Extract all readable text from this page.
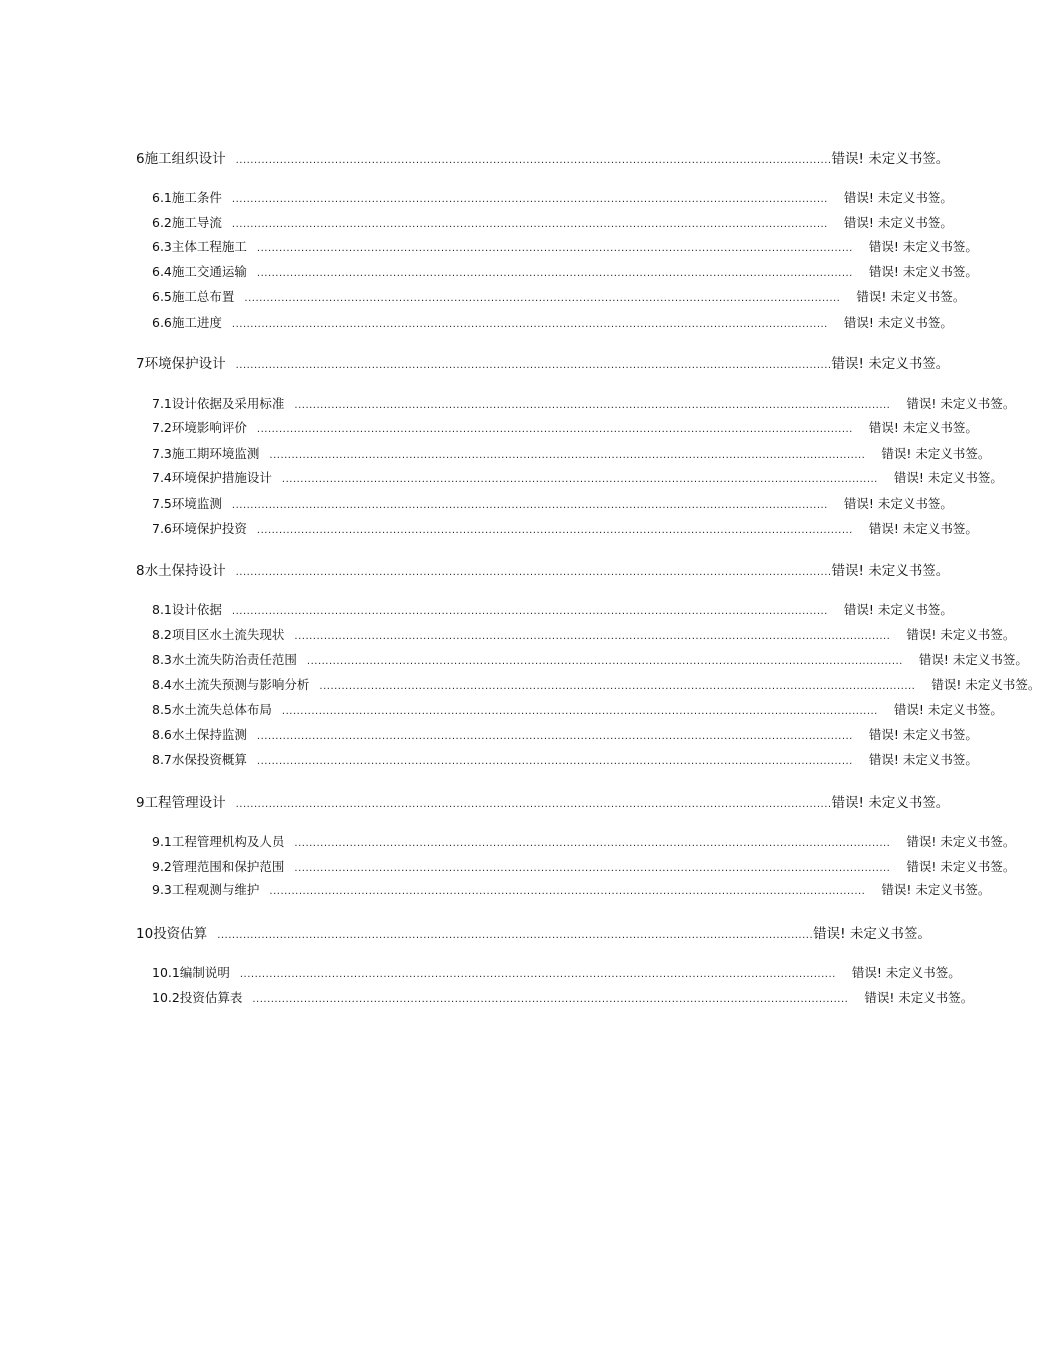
6 施工组织设计	.................................................................................................................................................................. 错误! 未定义书签。
6.1 施工条件	.................................................................................................................................................................. 错误! 未定义书签。
6.2 施工导流	.................................................................................................................................................................. 错误! 未定义书签。
6.3 主体工程施工	.................................................................................................................................................................. 错误! 未定义书签。
6.4 施工交通运输	.................................................................................................................................................................. 错误! 未定义书签。
6.5 施工总布置	.................................................................................................................................................................. 错误! 未定义书签。
6.6 施工进度	.................................................................................................................................................................. 错误! 未定义书签。
7 环境保护设计	.................................................................................................................................................................. 错误! 未定义书签。
7.1 设计依据及采用标准	.................................................................................................................................................................. 错误! 未定义书签。
7.2 环境影响评价	.................................................................................................................................................................. 错误! 未定义书签。
7.3 施工期环境监测	.................................................................................................................................................................. 错误! 未定义书签。
7.4 环境保护措施设计	.................................................................................................................................................................. 错误! 未定义书签。
7.5 环境监测	.................................................................................................................................................................. 错误! 未定义书签。
7.6 环境保护投资	.................................................................................................................................................................. 错误! 未定义书签。
8 水土保持设计	.................................................................................................................................................................. 错误! 未定义书签。
8.1 设计依据	.................................................................................................................................................................. 错误! 未定义书签。
8.2 项目区水土流失现状	.................................................................................................................................................................. 错误! 未定义书签。
8.3 水土流失防治责任范围	.................................................................................................................................................................. 错误! 未定义书签。
8.4 水土流失预测与影响分析	.................................................................................................................................................................. 错误! 未定义书签。
8.5 水土流失总体布局	.................................................................................................................................................................. 错误! 未定义书签。
8.6 水土保持监测	.................................................................................................................................................................. 错误! 未定义书签。
8.7 水保投资概算	.................................................................................................................................................................. 错误! 未定义书签。
9 工程管理设计	.................................................................................................................................................................. 错误! 未定义书签。
9.1 工程管理机构及人员	.................................................................................................................................................................. 错误! 未定义书签。
9.2 管理范围和保护范围	.................................................................................................................................................................. 错误! 未定义书签。
9.3 工程观测与维护	.................................................................................................................................................................. 错误! 未定义书签。
10 投资估算	.................................................................................................................................................................. 错误! 未定义书签。
10.1 编制说明	.................................................................................................................................................................. 错误! 未定义书签。
10.2 投资估算表	.................................................................................................................................................................. 错误! 未定义书签。
